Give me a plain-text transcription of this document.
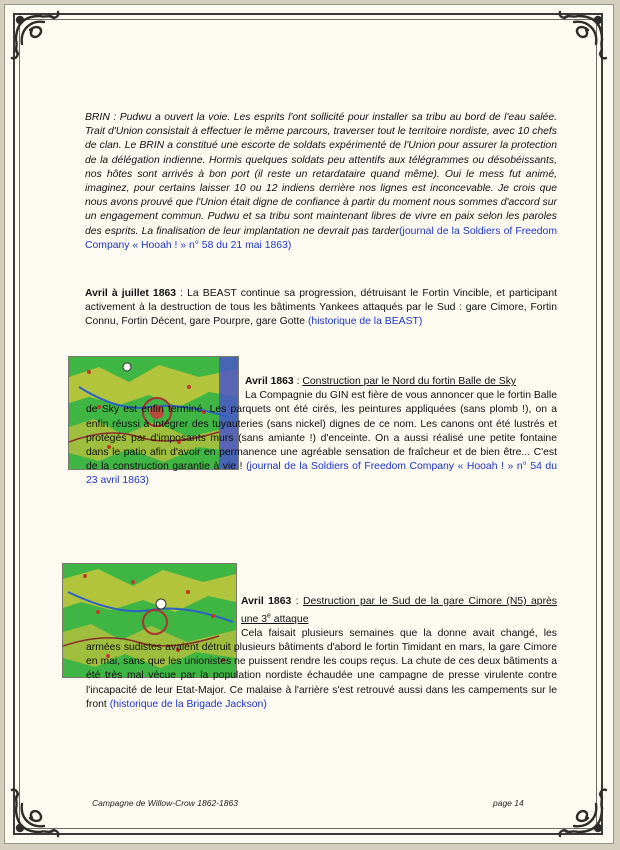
BRIN : Pudwu a ouvert la voie. Les esprits l'ont sollicité pour installer sa tribu au bord de l'eau salée. Trait d'Union consistait à effectuer le même parcours, traverser tout le territoire nordiste, avec 10 chefs de clan. Le BRIN a constitué une escorte de soldats expérimenté de l'Union pour assurer la protection de la délégation indienne. Hormis quelques soldats peu attentifs aux télégrammes ou désobéissants, nos hôtes sont arrivés à bon port (il reste un retardataire quand même). Oui le mess fut animé, imaginez, pour certains laisser 10 ou 12 indiens derrière nos lignes est inconcevable. Je crois que nous avons prouvé que l'Union était digne de confiance à partir du moment nous sommes d'accord sur un engagement commun. Pudwu et sa tribu sont maintenant libres de vivre en paix selon les paroles des esprits. La finalisation de leur implantation ne devrait pas tarder(journal de la Soldiers of Freedom Company « Hooah ! » n° 58 du 21 mai 1863)

Avril à juillet 1863 : La BEAST continue sa progression, détruisant le Fortin Vincible, et participant activement à la destruction de tous les bâtiments Yankees attaqués par le Sud : gare Cimore, Fortin Connu, Fortin Décent, gare Pourpre, gare Gotte (historique de la BEAST)

Avril 1863 : Construction par le Nord du fortin Balle de Sky

La Compagnie du GIN est fière de vous annoncer que le fortin Balle de Sky est enfin terminé. Les parquets ont été cirés, les peintures appliquées (sans plomb !), on a enfin réussi à intégrer des tuyauteries (sans nickel) dignes de ce nom. Les canons ont été lustrés et protégés par d'imposants murs (sans amiante !) d'enceinte. On a aussi réalisé une petite fontaine dans le patio afin d'avoir en permanence une agréable sensation de fraîcheur et de bien être... C'est de la construction garantie à vie ! (journal de la Soldiers of Freedom Company « Hooah ! » n° 54 du 23 avril 1863)

Avril 1863 : Destruction par le Sud de la gare Cimore (N5) après une 3e attaque

Cela faisait plusieurs semaines que la donne avait changé, les armées sudistes avaient détruit plusieurs bâtiments d'abord le fortin Timidant en mars, la gare Cimore en mai, sans que les unionistes ne puissent rendre les coups reçus. La chute de ces deux bâtiments a été très mal vécue par la population nordiste échaudée une campagne de presse virulente contre l'incapacité de leur Etat-Major. Ce malaise à l'arrière s'est retrouvé aussi dans les campements sur le front (historique de la Brigade Jackson)

Campagne de Willow-Crow 1862-1863	page 14
